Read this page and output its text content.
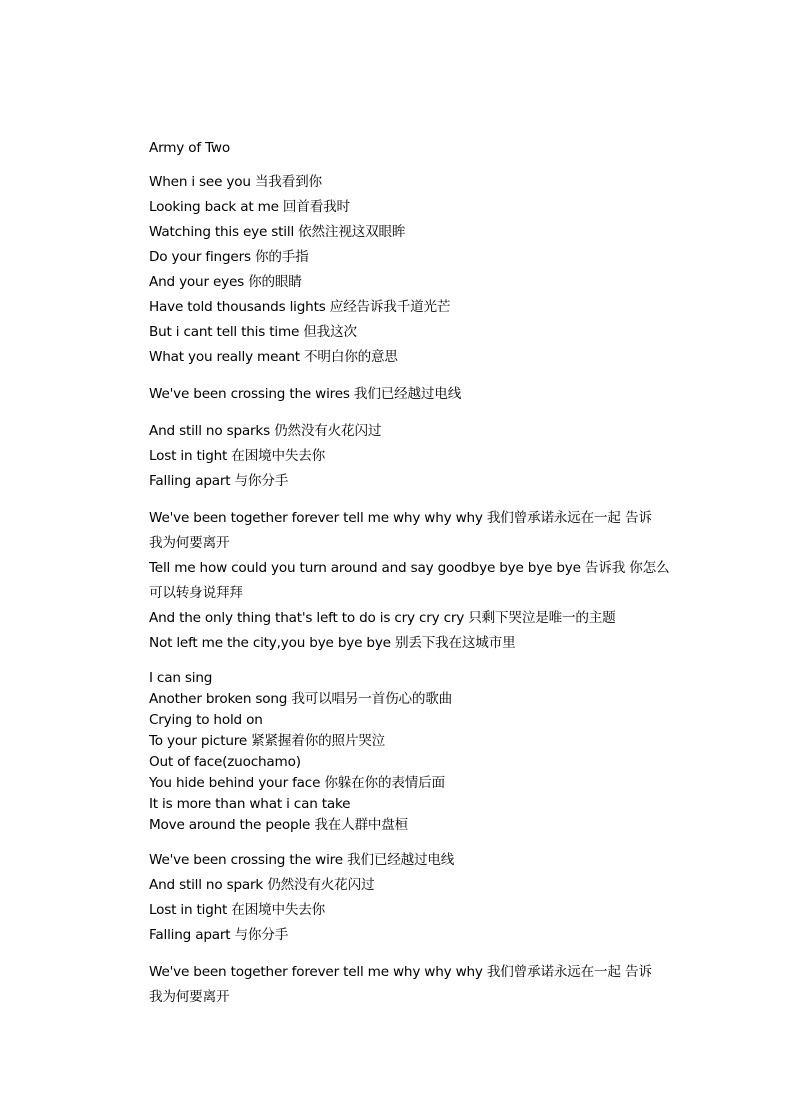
Army of Two
When i see you 当我看到你
Looking back at me 回首看我时
Watching this eye still 依然注视这双眼眸
Do your fingers 你的手指
And your eyes 你的眼睛
Have told thousands lights 应经告诉我千道光芒
But i cant tell this time 但我这次
What you really meant 不明白你的意思
We've been crossing the wires 我们已经越过电线
And still no sparks 仍然没有火花闪过
Lost in tight 在困境中失去你
Falling apart 与你分手
We've been together forever tell me why why why 我们曾承诺永远在一起 告诉
我为何要离开
Tell me how could you turn around and say goodbye bye bye bye 告诉我 你怎么
可以转身说拜拜
And the only thing that's left to do is cry cry cry 只剩下哭泣是唯一的主题
Not left me the city,you bye bye bye 别丢下我在这城市里
I can sing
Another broken song 我可以唱另一首伤心的歌曲
Crying to hold on
To your picture 紧紧握着你的照片哭泣
Out of face(zuochamo)
You hide behind your face 你躲在你的表情后面
It is more than what i can take
Move around the people 我在人群中盘桓
We've been crossing the wire 我们已经越过电线
And still no spark 仍然没有火花闪过
Lost in tight 在困境中失去你
Falling apart 与你分手
We've been together forever tell me why why why 我们曾承诺永远在一起 告诉
我为何要离开
